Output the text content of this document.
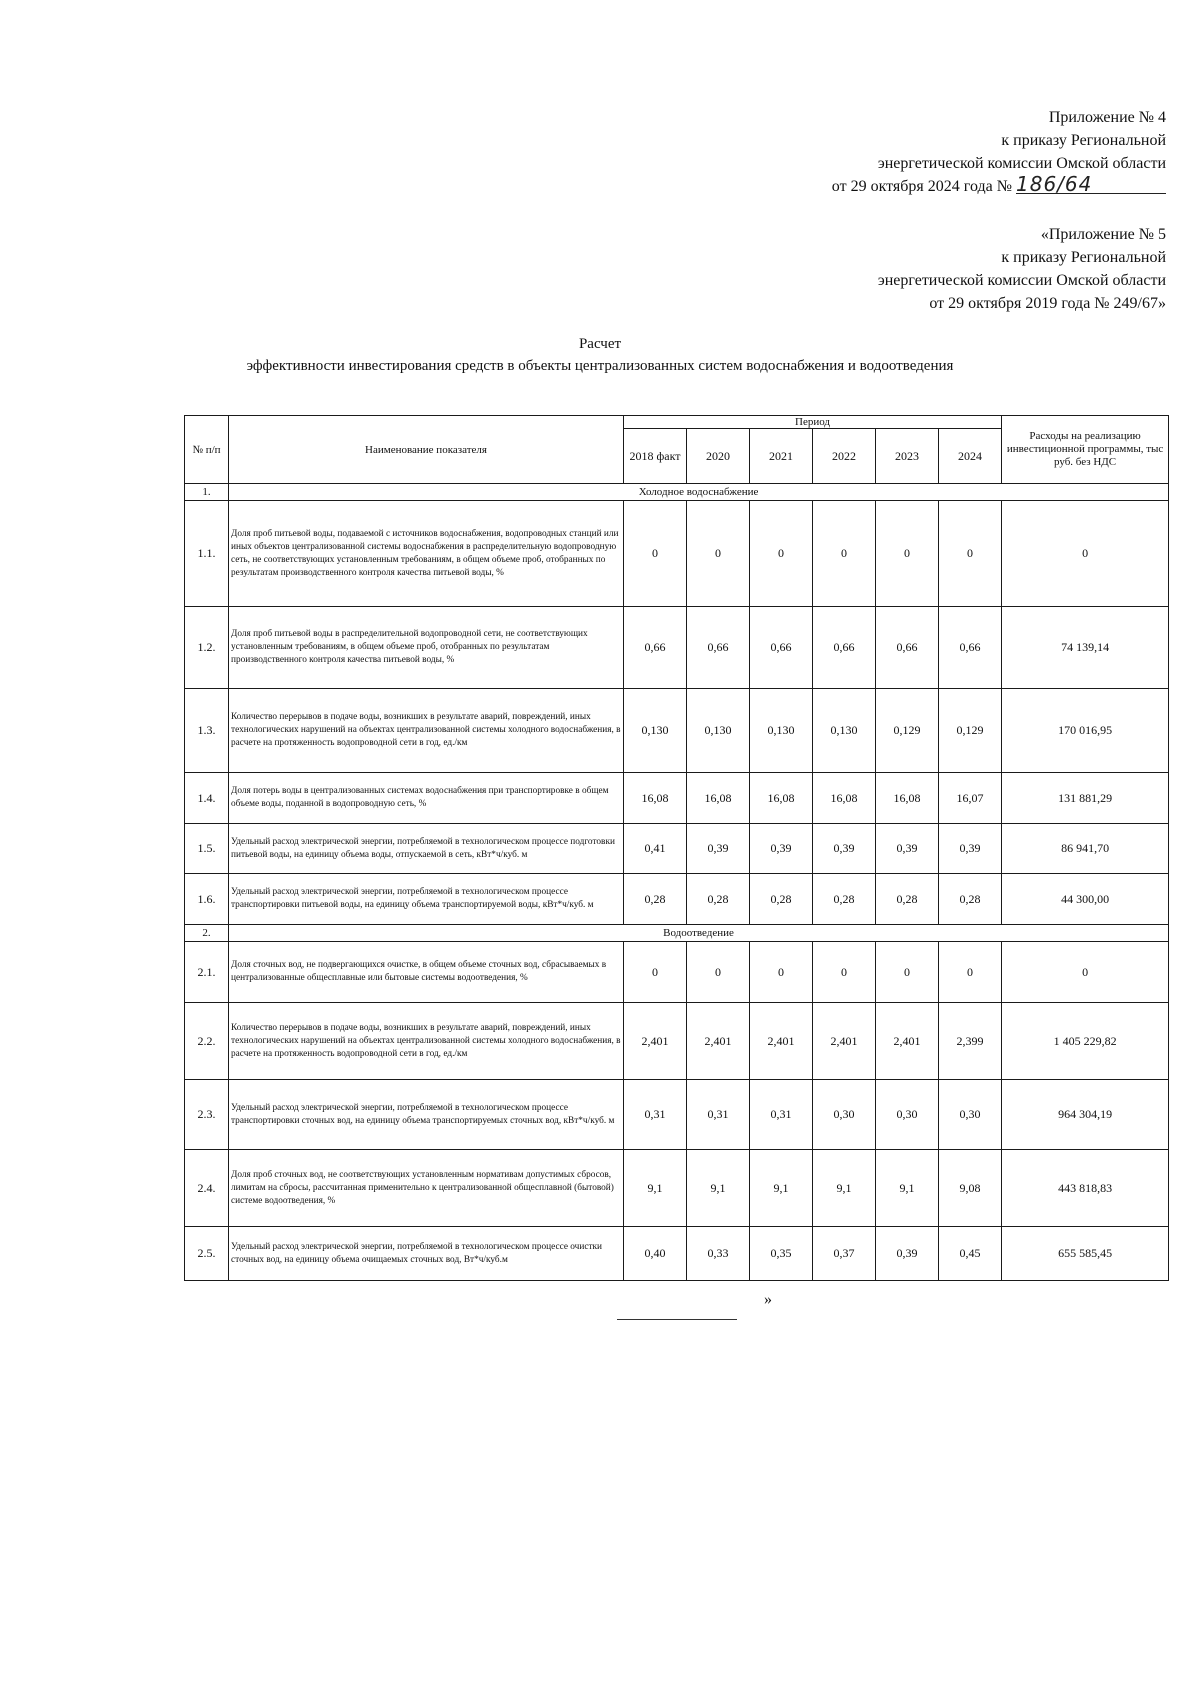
Приложение № 4
к приказу Региональной
энергетической комиссии Омской области
от 29 октября 2024 года № 186/64
«Приложение № 5
к приказу Региональной
энергетической комиссии Омской области
от 29 октября 2019 года № 249/67»
Расчет
эффективности инвестирования средств в объекты централизованных систем водоснабжения и водоотведения
№ п/п	Наименование показателя	Период						Расходы на реализацию инвестиционной программы, тыс руб. без НДС
		2018 факт	2020	2021	2022	2023	2024	
1.	Холодное водоснабжение							
1.1.	Доля проб питьевой воды, подаваемой с источников водоснабжения, водопроводных станций или иных объектов централизованной системы водоснабжения в распределительную водопроводную сеть, не соответствующих установленным требованиям, в общем объеме проб, отобранных по результатам производственного контроля качества питьевой воды, %	0	0	0	0	0	0	0
1.2.	Доля проб питьевой воды в распределительной водопроводной сети, не соответствующих установленным требованиям, в общем объеме проб, отобранных по результатам производственного контроля качества питьевой воды, %	0,66	0,66	0,66	0,66	0,66	0,66	74 139,14
1.3.	Количество перерывов в подаче воды, возникших в результате аварий, повреждений, иных технологических нарушений на объектах централизованной системы холодного водоснабжения, в расчете на протяженность водопроводной сети в год, ед./км	0,130	0,130	0,130	0,130	0,129	0,129	170 016,95
1.4.	Доля потерь воды в централизованных системах водоснабжения при транспортировке в общем объеме воды, поданной в водопроводную сеть, %	16,08	16,08	16,08	16,08	16,08	16,07	131 881,29
1.5.	Удельный расход электрической энергии, потребляемой в технологическом процессе подготовки питьевой воды, на единицу объема воды, отпускаемой в сеть, кВт*ч/куб. м	0,41	0,39	0,39	0,39	0,39	0,39	86 941,70
1.6.	Удельный расход электрической энергии, потребляемой в технологическом процессе транспортировки питьевой воды, на единицу объема транспортируемой воды, кВт*ч/куб. м	0,28	0,28	0,28	0,28	0,28	0,28	44 300,00
2.	Водоотведение							
2.1.	Доля сточных вод, не подвергающихся очистке, в общем объеме сточных вод, сбрасываемых в централизованные общесплавные или бытовые системы водоотведения, %	0	0	0	0	0	0	0
2.2.	Количество перерывов в подаче воды, возникших в результате аварий, повреждений, иных технологических нарушений на объектах централизованной системы холодного водоснабжения, в расчете на протяженность водопроводной сети в год, ед./км	2,401	2,401	2,401	2,401	2,401	2,399	1 405 229,82
2.3.	Удельный расход электрической энергии, потребляемой в технологическом процессе транспортировки сточных вод, на единицу объема транспортируемых сточных вод, кВт*ч/куб. м	0,31	0,31	0,31	0,30	0,30	0,30	964 304,19
2.4.	Доля проб сточных вод, не соответствующих установленным нормативам допустимых сбросов, лимитам на сбросы, рассчитанная применительно к централизованной общесплавной (бытовой) системе водоотведения, %	9,1	9,1	9,1	9,1	9,1	9,08	443 818,83
2.5.	Удельный расход электрической энергии, потребляемой в технологическом процессе очистки сточных вод, на единицу объема очищаемых сточных вод, Вт*ч/куб.м	0,40	0,33	0,35	0,37	0,39	0,45	655 585,45
»
